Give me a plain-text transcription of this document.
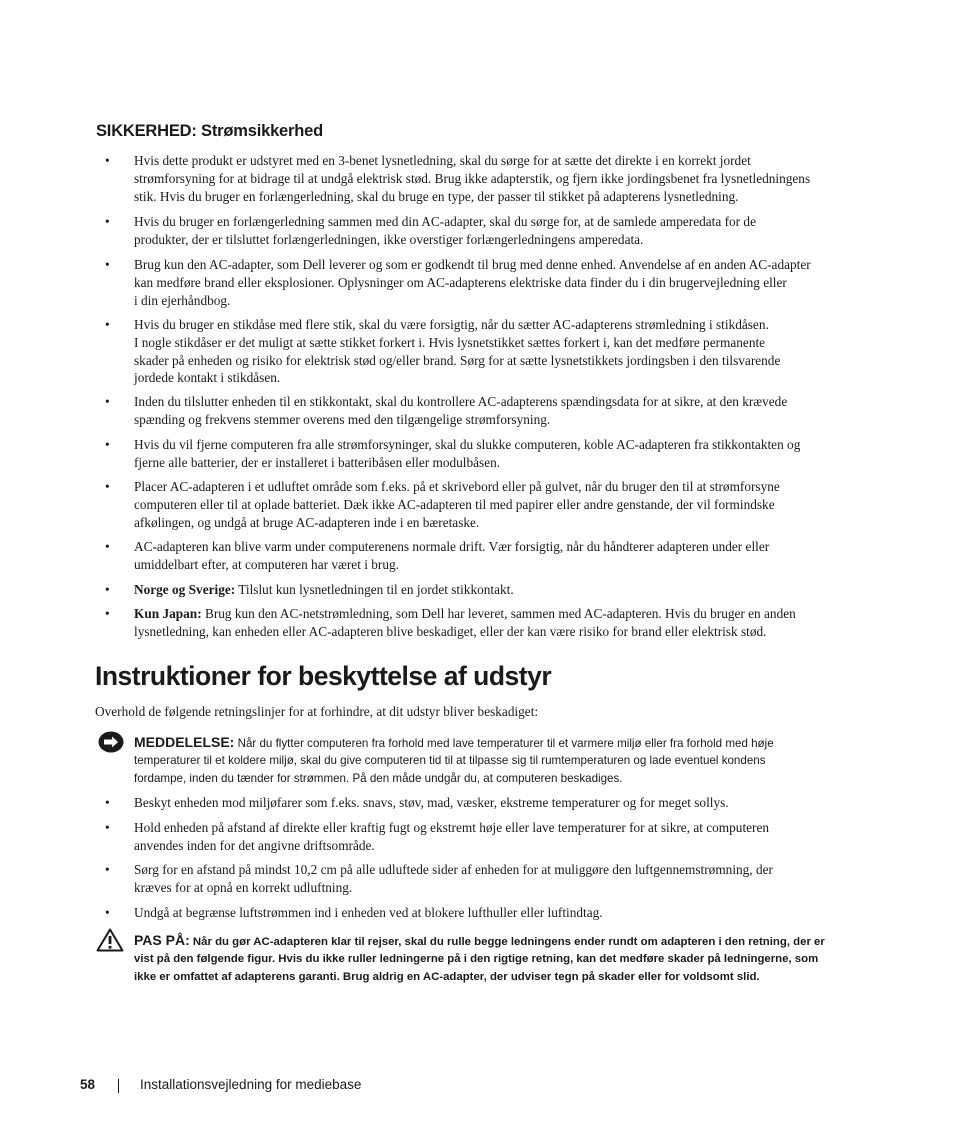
SIKKERHED: Strømsikkerhed
• Hvis dette produkt er udstyret med en 3-benet lysnetledning, skal du sørge for at sætte det direkte i en korrekt jordet
strømforsyning for at bidrage til at undgå elektrisk stød. Brug ikke adapterstik, og fjern ikke jordingsbenet fra lysnetledningens
stik. Hvis du bruger en forlængerledning, skal du bruge en type, der passer til stikket på adapterens lysnetledning.
• Hvis du bruger en forlængerledning sammen med din AC-adapter, skal du sørge for, at de samlede amperedata for de
produkter, der er tilsluttet forlængerledningen, ikke overstiger forlængerledningens amperedata.
• Brug kun den AC-adapter, som Dell leverer og som er godkendt til brug med denne enhed. Anvendelse af en anden AC-adapter
kan medføre brand eller eksplosioner. Oplysninger om AC-adapterens elektriske data finder du i din brugervejledning eller
i din ejerhåndbog.
• Hvis du bruger en stikdåse med flere stik, skal du være forsigtig, når du sætter AC-adapterens strømledning i stikdåsen.
I nogle stikdåser er det muligt at sætte stikket forkert i. Hvis lysnetstikket sættes forkert i, kan det medføre permanente
skader på enheden og risiko for elektrisk stød og/eller brand. Sørg for at sætte lysnetstikkets jordingsben i den tilsvarende
jordede kontakt i stikdåsen.
• Inden du tilslutter enheden til en stikkontakt, skal du kontrollere AC-adapterens spændingsdata for at sikre, at den krævede
spænding og frekvens stemmer overens med den tilgængelige strømforsyning.
• Hvis du vil fjerne computeren fra alle strømforsyninger, skal du slukke computeren, koble AC-adapteren fra stikkontakten og
fjerne alle batterier, der er installeret i batteribåsen eller modulbåsen.
• Placer AC-adapteren i et udluftet område som f.eks. på et skrivebord eller på gulvet, når du bruger den til at strømforsyne
computeren eller til at oplade batteriet. Dæk ikke AC-adapteren til med papirer eller andre genstande, der vil formindske
afkølingen, og undgå at bruge AC-adapteren inde i en bæretaske.
• AC-adapteren kan blive varm under computerenens normale drift. Vær forsigtig, når du håndterer adapteren under eller
umiddelbart efter, at computeren har været i brug.
• Norge og Sverige: Tilslut kun lysnetledningen til en jordet stikkontakt.
• Kun Japan: Brug kun den AC-netstrømledning, som Dell har leveret, sammen med AC-adapteren. Hvis du bruger en anden
lysnetledning, kan enheden eller AC-adapteren blive beskadiget, eller der kan være risiko for brand eller elektrisk stød.
Instruktioner for beskyttelse af udstyr

Overhold de følgende retningslinjer for at forhindre, at dit udstyr bliver beskadiget:

MEDDELELSE: Når du flytter computeren fra forhold med lave temperaturer til et varmere miljø eller fra forhold med høje
temperaturer til et koldere miljø, skal du give computeren tid til at tilpasse sig til rumtemperaturen og lade eventuel kondens
fordampe, inden du tænder for strømmen. På den måde undgår du, at computeren beskadiges.
• Beskyt enheden mod miljøfarer som f.eks. snavs, støv, mad, væsker, ekstreme temperaturer og for meget sollys.
• Hold enheden på afstand af direkte eller kraftig fugt og ekstremt høje eller lave temperaturer for at sikre, at computeren
anvendes inden for det angivne driftsområde.
• Sørg for en afstand på mindst 10,2 cm på alle udluftede sider af enheden for at muliggøre den luftgennemstrømning, der
kræves for at opnå en korrekt udluftning.
• Undgå at begrænse luftstrømmen ind i enheden ved at blokere lufthuller eller luftindtag.
PAS PÅ: Når du gør AC-adapteren klar til rejser, skal du rulle begge ledningens ender rundt om adapteren i den retning, der er
vist på den følgende figur. Hvis du ikke ruller ledningerne på i den rigtige retning, kan det medføre skader på ledningerne, som
ikke er omfattet af adapterens garanti. Brug aldrig en AC-adapter, der udviser tegn på skader eller for voldsomt slid.
58	Installationsvejledning for mediebase
